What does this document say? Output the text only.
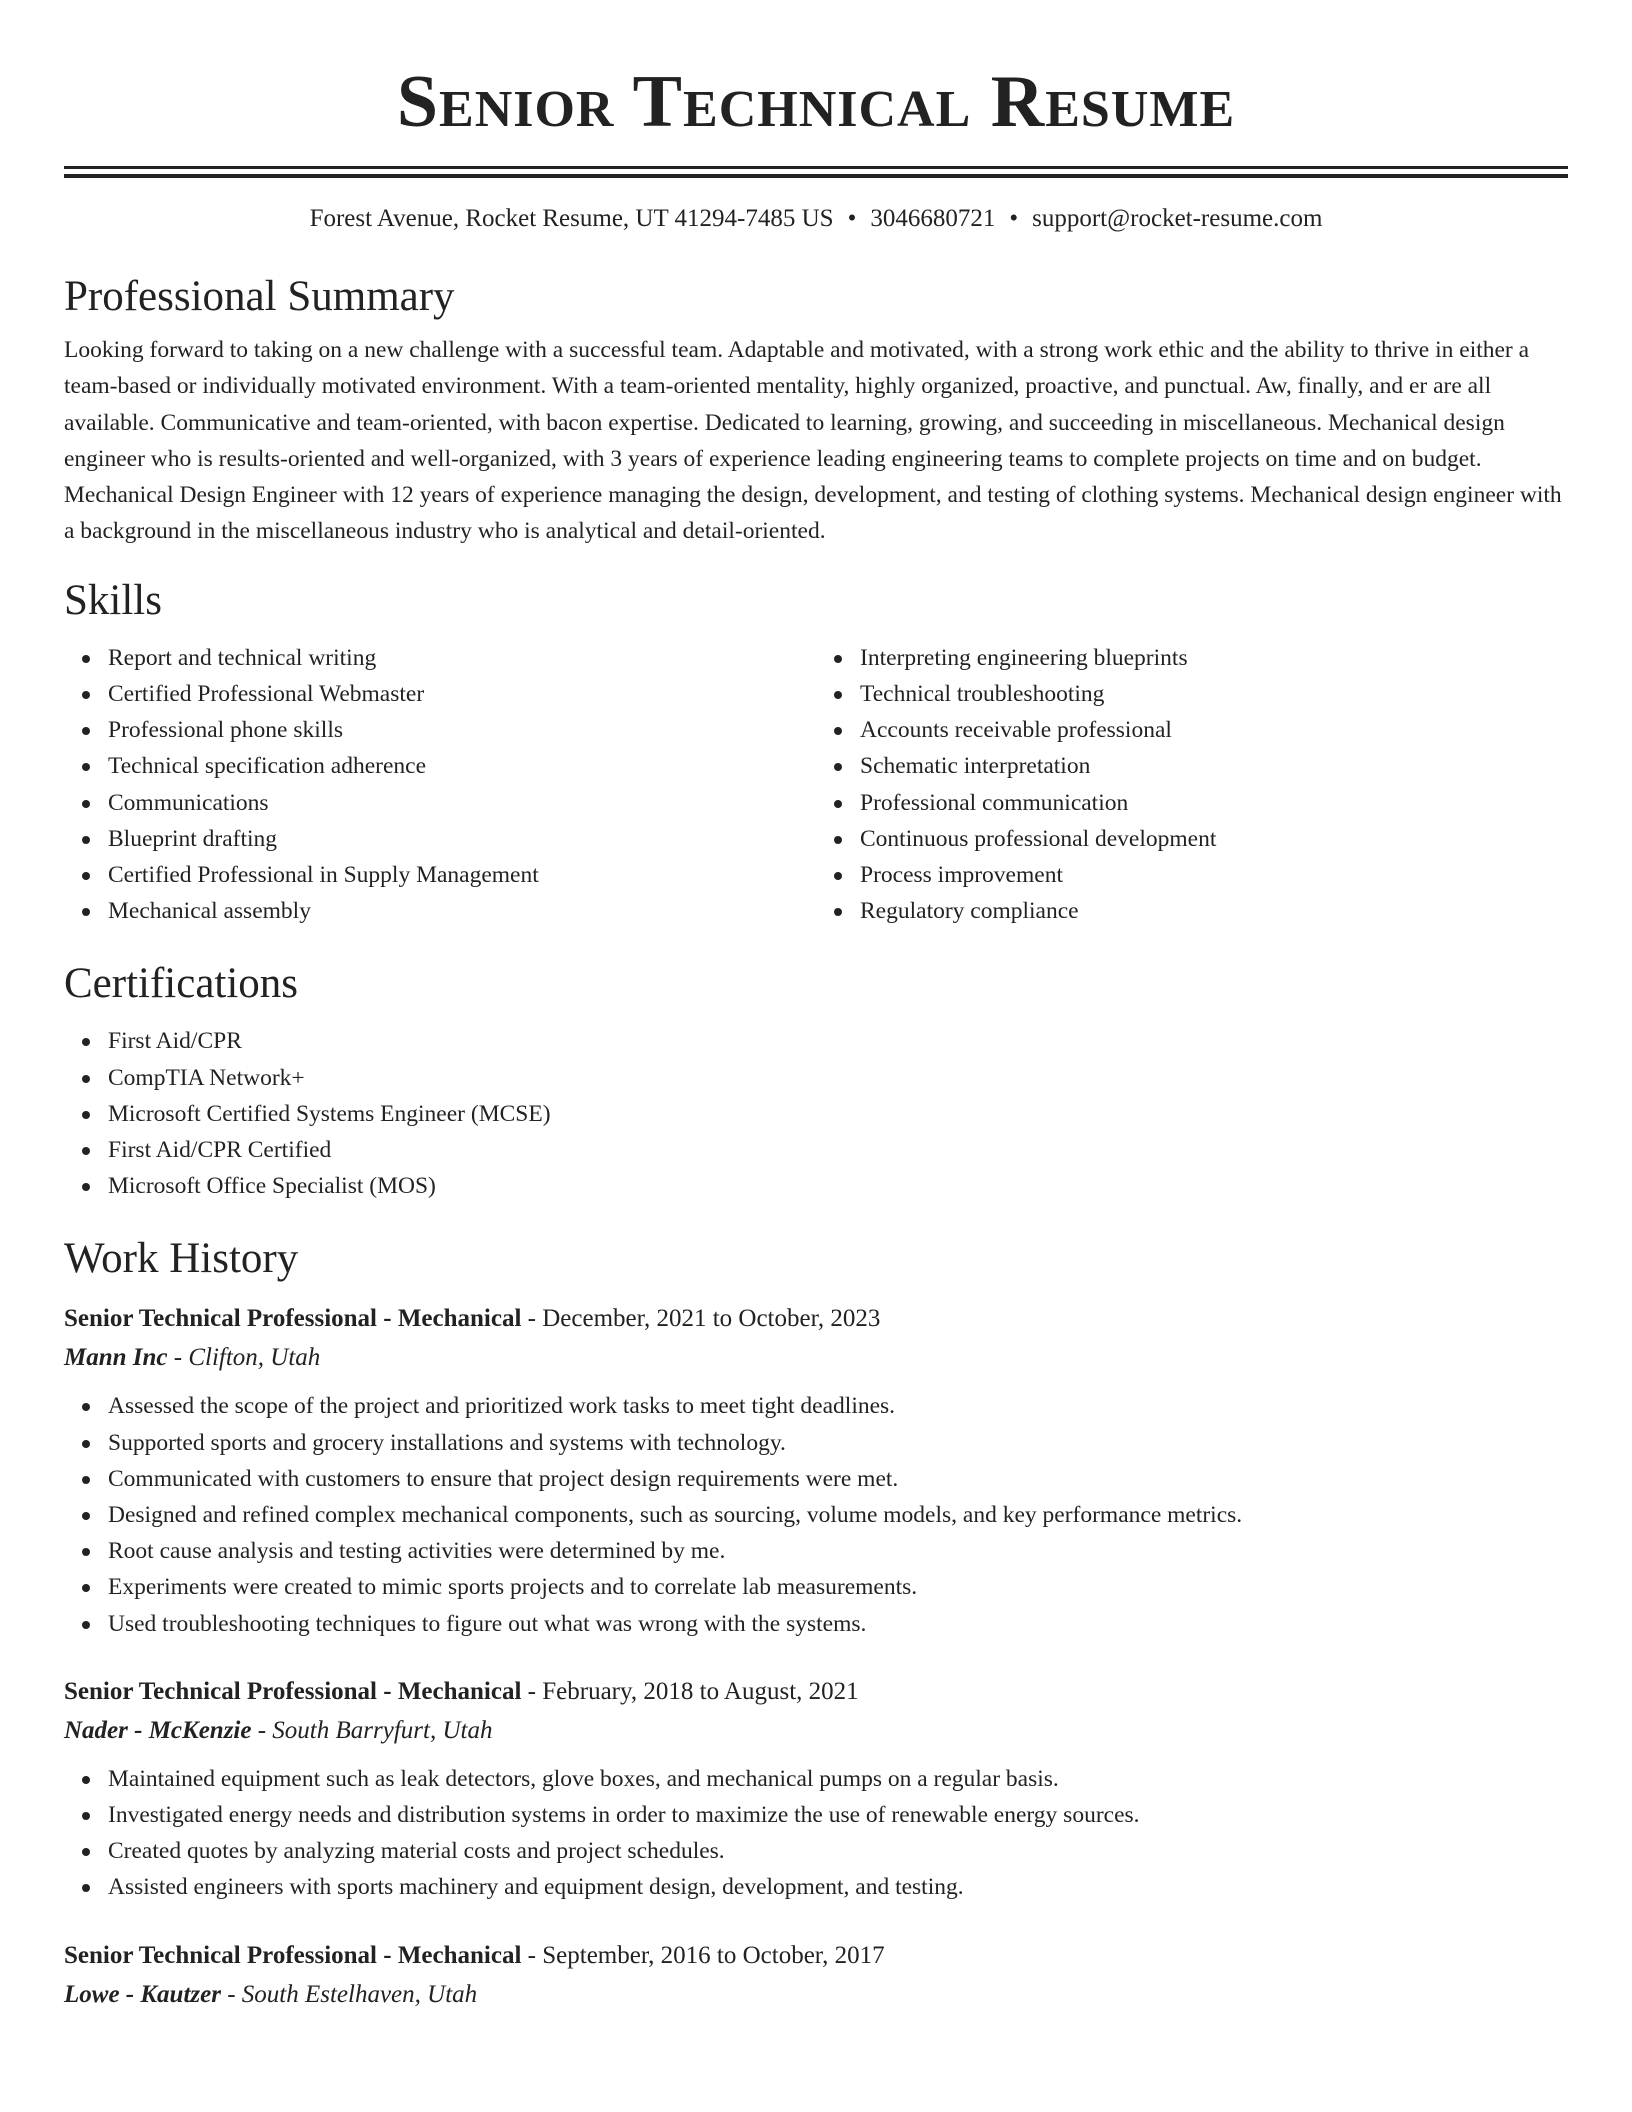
Senior Technical Resume
Forest Avenue, Rocket Resume, UT 41294-7485 US • 3046680721 • support@rocket-resume.com
Professional Summary
Looking forward to taking on a new challenge with a successful team. Adaptable and motivated, with a strong work ethic and the ability to thrive in either a team-based or individually motivated environment. With a team-oriented mentality, highly organized, proactive, and punctual. Aw, finally, and er are all available. Communicative and team-oriented, with bacon expertise. Dedicated to learning, growing, and succeeding in miscellaneous. Mechanical design engineer who is results-oriented and well-organized, with 3 years of experience leading engineering teams to complete projects on time and on budget. Mechanical Design Engineer with 12 years of experience managing the design, development, and testing of clothing systems. Mechanical design engineer with a background in the miscellaneous industry who is analytical and detail-oriented.
Skills
Report and technical writing
Certified Professional Webmaster
Professional phone skills
Technical specification adherence
Communications
Blueprint drafting
Certified Professional in Supply Management
Mechanical assembly
Interpreting engineering blueprints
Technical troubleshooting
Accounts receivable professional
Schematic interpretation
Professional communication
Continuous professional development
Process improvement
Regulatory compliance
Certifications
First Aid/CPR
CompTIA Network+
Microsoft Certified Systems Engineer (MCSE)
First Aid/CPR Certified
Microsoft Office Specialist (MOS)
Work History
Senior Technical Professional - Mechanical - December, 2021 to October, 2023
Mann Inc - Clifton, Utah
Assessed the scope of the project and prioritized work tasks to meet tight deadlines.
Supported sports and grocery installations and systems with technology.
Communicated with customers to ensure that project design requirements were met.
Designed and refined complex mechanical components, such as sourcing, volume models, and key performance metrics.
Root cause analysis and testing activities were determined by me.
Experiments were created to mimic sports projects and to correlate lab measurements.
Used troubleshooting techniques to figure out what was wrong with the systems.
Senior Technical Professional - Mechanical - February, 2018 to August, 2021
Nader - McKenzie - South Barryfurt, Utah
Maintained equipment such as leak detectors, glove boxes, and mechanical pumps on a regular basis.
Investigated energy needs and distribution systems in order to maximize the use of renewable energy sources.
Created quotes by analyzing material costs and project schedules.
Assisted engineers with sports machinery and equipment design, development, and testing.
Senior Technical Professional - Mechanical - September, 2016 to October, 2017
Lowe - Kautzer - South Estelhaven, Utah
